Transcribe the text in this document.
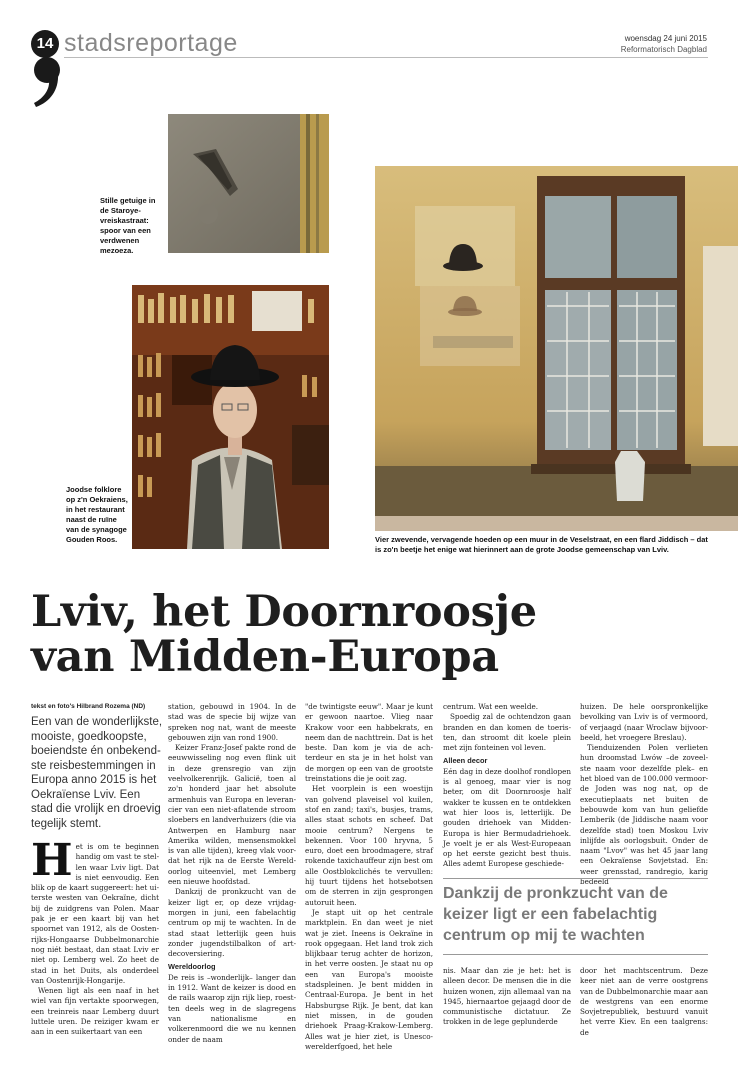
14 stadsreportage	woensdag 24 juni 2015
Reformatorisch Dagblad
Stille getuige in de Staroyevreiskastraat: spoor van een verdwenen mezoeza.
Joodse folklore op z'n Oekraiens, in het restaurant naast de ruïne van de synagoge Gouden Roos.	Vier zwevende, vervagende hoeden op een muur in de Veselstraat, en een flard Jiddisch – dat is zo'n beetje het enige wat hierinnert aan de grote Joodse gemeenschap van Lviv.
Lviv, het Doornroosje
van Midden-Europa
tekst en foto's Hilbrand Rozema (ND)
Een van de wonderlijkste, mooiste, goedkoopste, boeiendste én onbekendste reisbestemmingen in Europa anno 2015 is het Oekraïense Lviv. Een stad die vrolijk en droevig tegelijk stemt.

Het is om te beginnen handig om vast te stellen waar Lviv ligt. Dat is niet eenvoudig. Een blik op de kaart suggereert: het uiterste westen van Oekraïne, dicht bij de zuidgrens van Polen. Maar pak je er een kaart bij van het spoornet van 1912, als de Oostenrijks-Hongaarse Dubbelmonarchie nog niét bestaat, dan staat Lviv er niet op. Lemberg wel. Zo heet de stad in het Duits, als onderdeel van Oostenrijk-Hongarije.

Wenen ligt als een naaf in het wiel van fijn vertakte spoorwegen, een treinreis naar Lemberg duurt luttele uren. De reiziger kwam er aan in een suikertaart van een

station, gebouwd in 1904. In de stad was de specie bij wijze van spreken nog nat, want de meeste gebouwen zijn van rond 1900.

Keizer Franz-Josef pakte rond de eeuwwisseling nog even flink uit in deze grensregio van zijn veelvolkerenrijk. Galicië, toen al zo'n honderd jaar het absolute armenhuis van Europa en leverancier van een niet-aflatende stroom sloebers en landverhuizers (die via Antwerpen en Hamburg naar Amerika wilden, mensensmokkel is van alle tijden), kreeg vlak voordat het rijk na de Eerste Wereldoorlog uiteenviel, met Lemberg een nieuwe hoofdstad.

Dankzij de pronkzucht van de keizer ligt er, op deze vrijdagmorgen in juni, een fabelachtig centrum op mij te wachten. In de stad staat letterlijk geen huis zonder jugendstilbalkon of art-decoversiering.

Wereldoorlog

De reis is –wonderlijk– langer dan in 1912. Want de keizer is dood en de rails waarop zijn rijk liep, roestten deels weg in de slagregens van nationalisme en volkerenmoord die we nu kennen onder de naam

"de twintigste eeuw". Maar je kunt er gewoon naartoe. Vlieg naar Krakow voor een habbekrats, en neem dan de nachttrein. Dat is het beste. Dan kom je via de achterdeur en sta je in het holst van de morgen op een van de grootste treinstations die je ooit zag.

Het voorplein is een woestijn van golvend plaveisel vol kuilen, stof en zand; taxi's, busjes, trams, alles staat schots en scheef. Dat mooie centrum? Nergens te bekennen. Voor 100 hryvna, 5 euro, doet een broodmagere, straf rokende taxichauffeur zijn best om alle Oostblokclichés te vervullen: hij tuurt tijdens het hotsebotsen om de sterren in zijn gesprongen autoruit heen.

Je stapt uit op het centrale marktplein. En dan weet je niet wat je ziet. Ineens is Oekraïne in rook opgegaan. Het land trok zich blijkbaar terug achter de horizon, in het verre oosten. Je staat nu op een van Europa's mooiste stadspleinen. Je bent midden in Centraal-Europa. Je bent in het Habsburgse Rijk. Je bent, dat kan niet missen, in de gouden driehoek Praag-Krakow-Lemberg. Alles wat je hier ziet, is Unesco-werelderfgoed, het hele

centrum. Wat een weelde.

Spoedig zal de ochtendzon gaan branden en dan komen de toeristen, dan stroomt dit koele plein met zijn fonteinen vol leven.

Alleen decor

Eén dag in deze doolhof rondlopen is al genoeg, maar vier is nog beter, om dit Doornroosje half wakker te kussen en te ontdekken wat hier loos is, letterlijk. De gouden driehoek van Midden-Europa is hier Bermudadriehoek. Je voelt je er als West-Europeaan op het eerste gezicht best thuis. Alles ademt Europese geschiede-

huizen. De hele oorspronkelijke bevolking van Lviv is of vermoord, of verjaagd (naar Wroclaw bijvoorbeeld, het vroegere Breslau).

Tienduizenden Polen verlieten hun droomstad Lwów –de zoveelste naam voor dezelfde plek– en het bloed van de 100.000 vermoorde Joden was nog nat, op de executieplaats net buiten de bebouwde kom van hun geliefde Lemberik (de Jiddische naam voor dezelfde stad) toen Moskou Lviv inlijfde als oorlogsbuit. Onder de naam "Lvov" was het 45 jaar lang een Oekraïense Sovjetstad. En: weer grensstad, randregio, karig bedeeld

Dankzij de pronkzucht van de keizer ligt er een fabelachtig centrum op mij te wachten

nis. Maar dan zie je het: het is alleen decor. De mensen die in die huizen wonen, zijn allemaal van na 1945, hiernaartoe gejaagd door de communistische dictatuur. Ze trokken in de lege geplunderde

door het machtscentrum. Deze keer niet aan de verre oostgrens van de Dubbelmonarchie maar aan de westgrens van een enorme Sovjetrepubliek, bestuurd vanuit het verre Kiev. En een taalgrens: de
